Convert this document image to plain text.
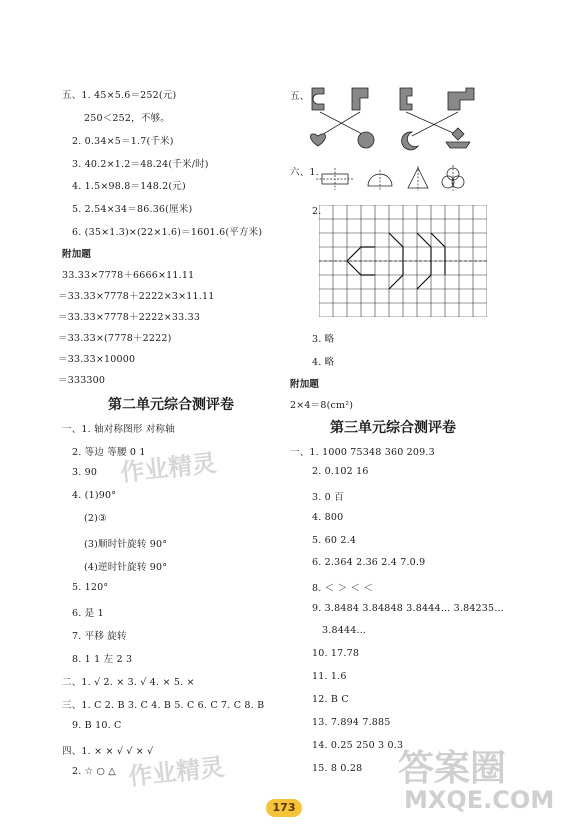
五、1. 45×5.6＝252(元)
250＜252，不够。
2. 0.34×5＝1.7(千米)
3. 40.2×1.2＝48.24(千米/时)
4. 1.5×98.8＝148.2(元)
5. 2.54×34＝86.36(厘米)
6. (35×1.3)×(22×1.6)＝1601.6(平方米)
附加题
33.33×7778＋6666×11.11
＝33.33×7778＋2222×3×11.11
＝33.33×7778＋2222×33.33
＝33.33×(7778＋2222)
＝33.33×10000
＝333300
第二单元综合测评卷
一、1. 轴对称图形 对称轴
2. 等边 等腰 0 1
3. 90
4. (1)90°
(2)③
(3)顺时针旋转 90°
(4)逆时针旋转 90°
5. 120°
6. 是 1
7. 平移 旋转
8. 1 1 左 2 3
二、1. √ 2. × 3. √ 4. × 5. ×
三、1. C 2. B 3. C 4. B 5. C 6. C 7. C 8. B
9. B 10. C
四、1. × × √ √ × √
2. ☆ ○ △
五、
六、1.
2.
3. 略
4. 略
附加题
2×4＝8(cm²)
第三单元综合测评卷
一、1. 1000 75348 360 209.3
2. 0.102 16
3. 0 百
4. 800
5. 60 2.4
6. 2.364 2.36 2.4 7.0.9
8. ＜ ＞ ＜ ＜
9. 3.8484 3.84848 3.8444… 3.84235…
3.8444…
10. 17.78
11. 1.6
12. B C
13. 7.894 7.885
14. 0.25 250 3 0.3
15. 8 0.28
作业精灵
作业精灵	答案圈
MXQE.COM
173
